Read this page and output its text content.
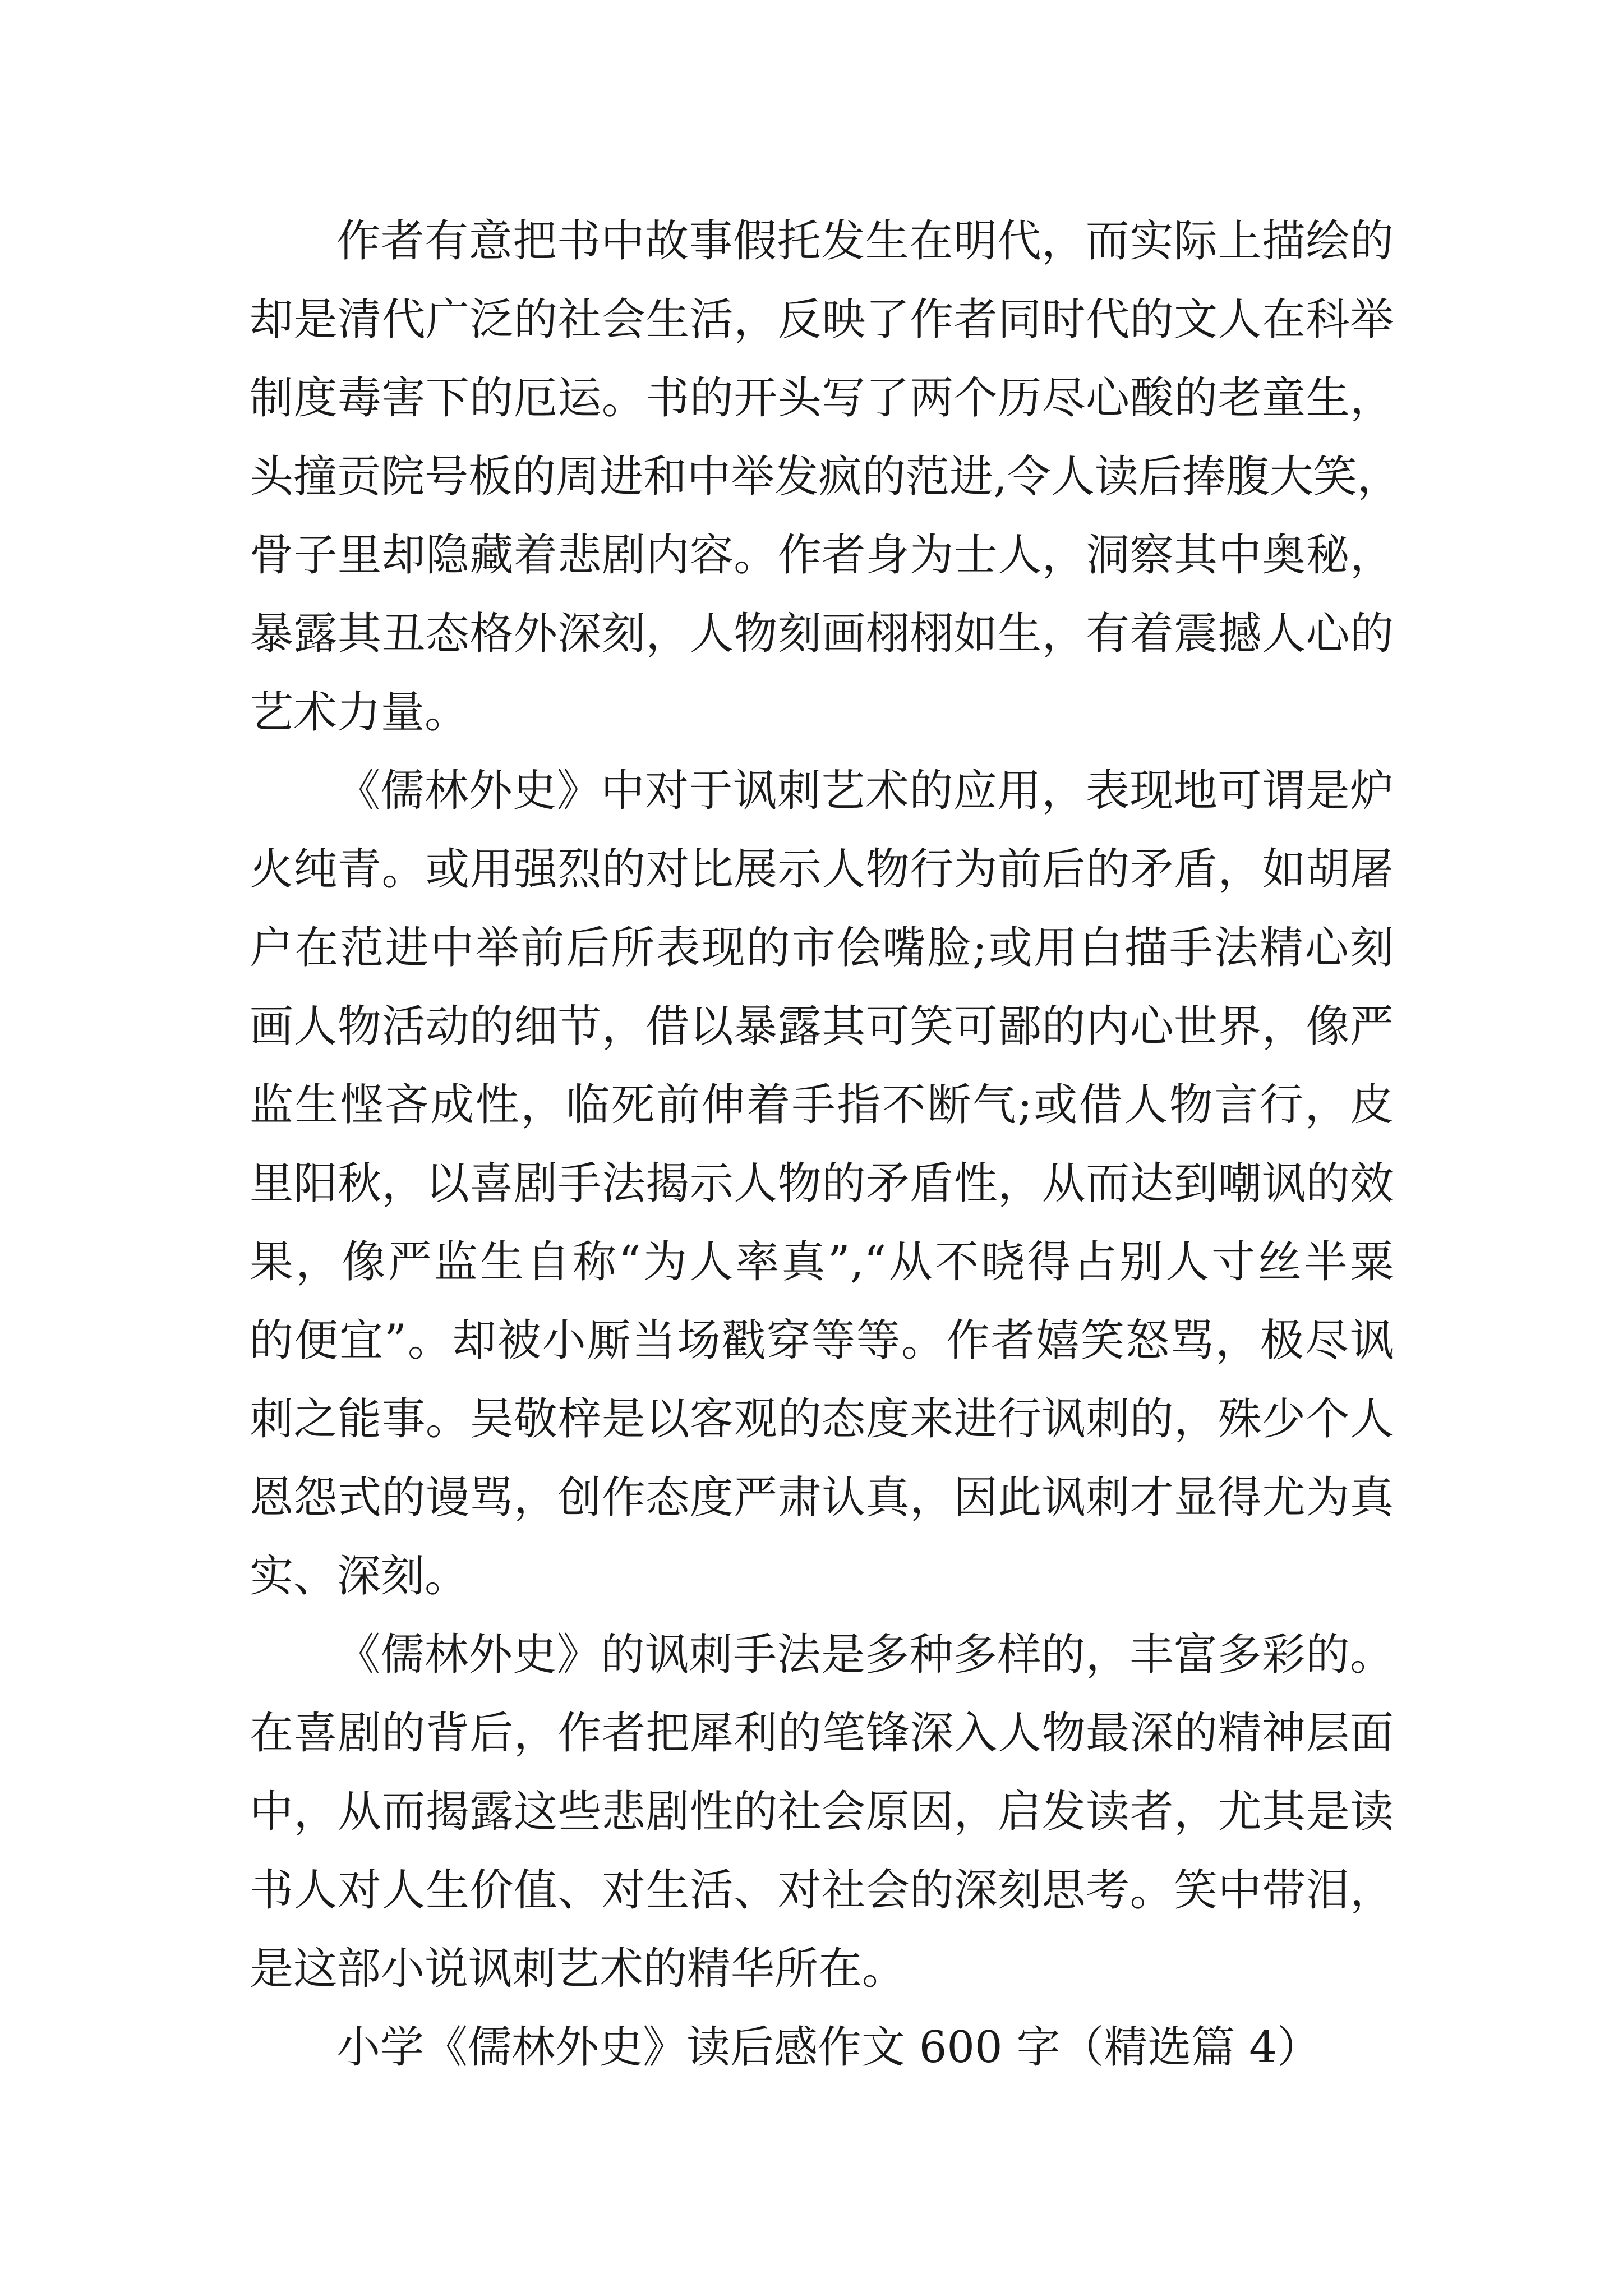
作者有意把书中故事假托发生在明代，而实际上描绘的

却是清代广泛的社会生活，反映了作者同时代的文人在科举

制度毒害下的厄运。书的开头写了两个历尽心酸的老童生，

头撞贡院号板的周进和中举发疯的范进,令人读后捧腹大笑，

骨子里却隐藏着悲剧内容。作者身为士人，洞察其中奥秘，

暴露其丑态格外深刻，人物刻画栩栩如生，有着震撼人心的

艺术力量。

《儒林外史》中对于讽刺艺术的应用，表现地可谓是炉

火纯青。或用强烈的对比展示人物行为前后的矛盾，如胡屠

户在范进中举前后所表现的市侩嘴脸;或用白描手法精心刻

画人物活动的细节，借以暴露其可笑可鄙的内心世界，像严

监生悭吝成性，临死前伸着手指不断气;或借人物言行，皮

里阳秋，以喜剧手法揭示人物的矛盾性，从而达到嘲讽的效

果，像严监生自称“为人率真”,“从不晓得占别人寸丝半粟

的便宜”。却被小厮当场戳穿等等。作者嬉笑怒骂，极尽讽

刺之能事。吴敬梓是以客观的态度来进行讽刺的，殊少个人

恩怨式的谩骂，创作态度严肃认真，因此讽刺才显得尤为真

实、深刻。

《儒林外史》的讽刺手法是多种多样的，丰富多彩的。

在喜剧的背后，作者把犀利的笔锋深入人物最深的精神层面

中，从而揭露这些悲剧性的社会原因，启发读者，尤其是读

书人对人生价值、对生活、对社会的深刻思考。笑中带泪，

是这部小说讽刺艺术的精华所在。

小学《儒林外史》读后感作文 600 字（精选篇 4）
